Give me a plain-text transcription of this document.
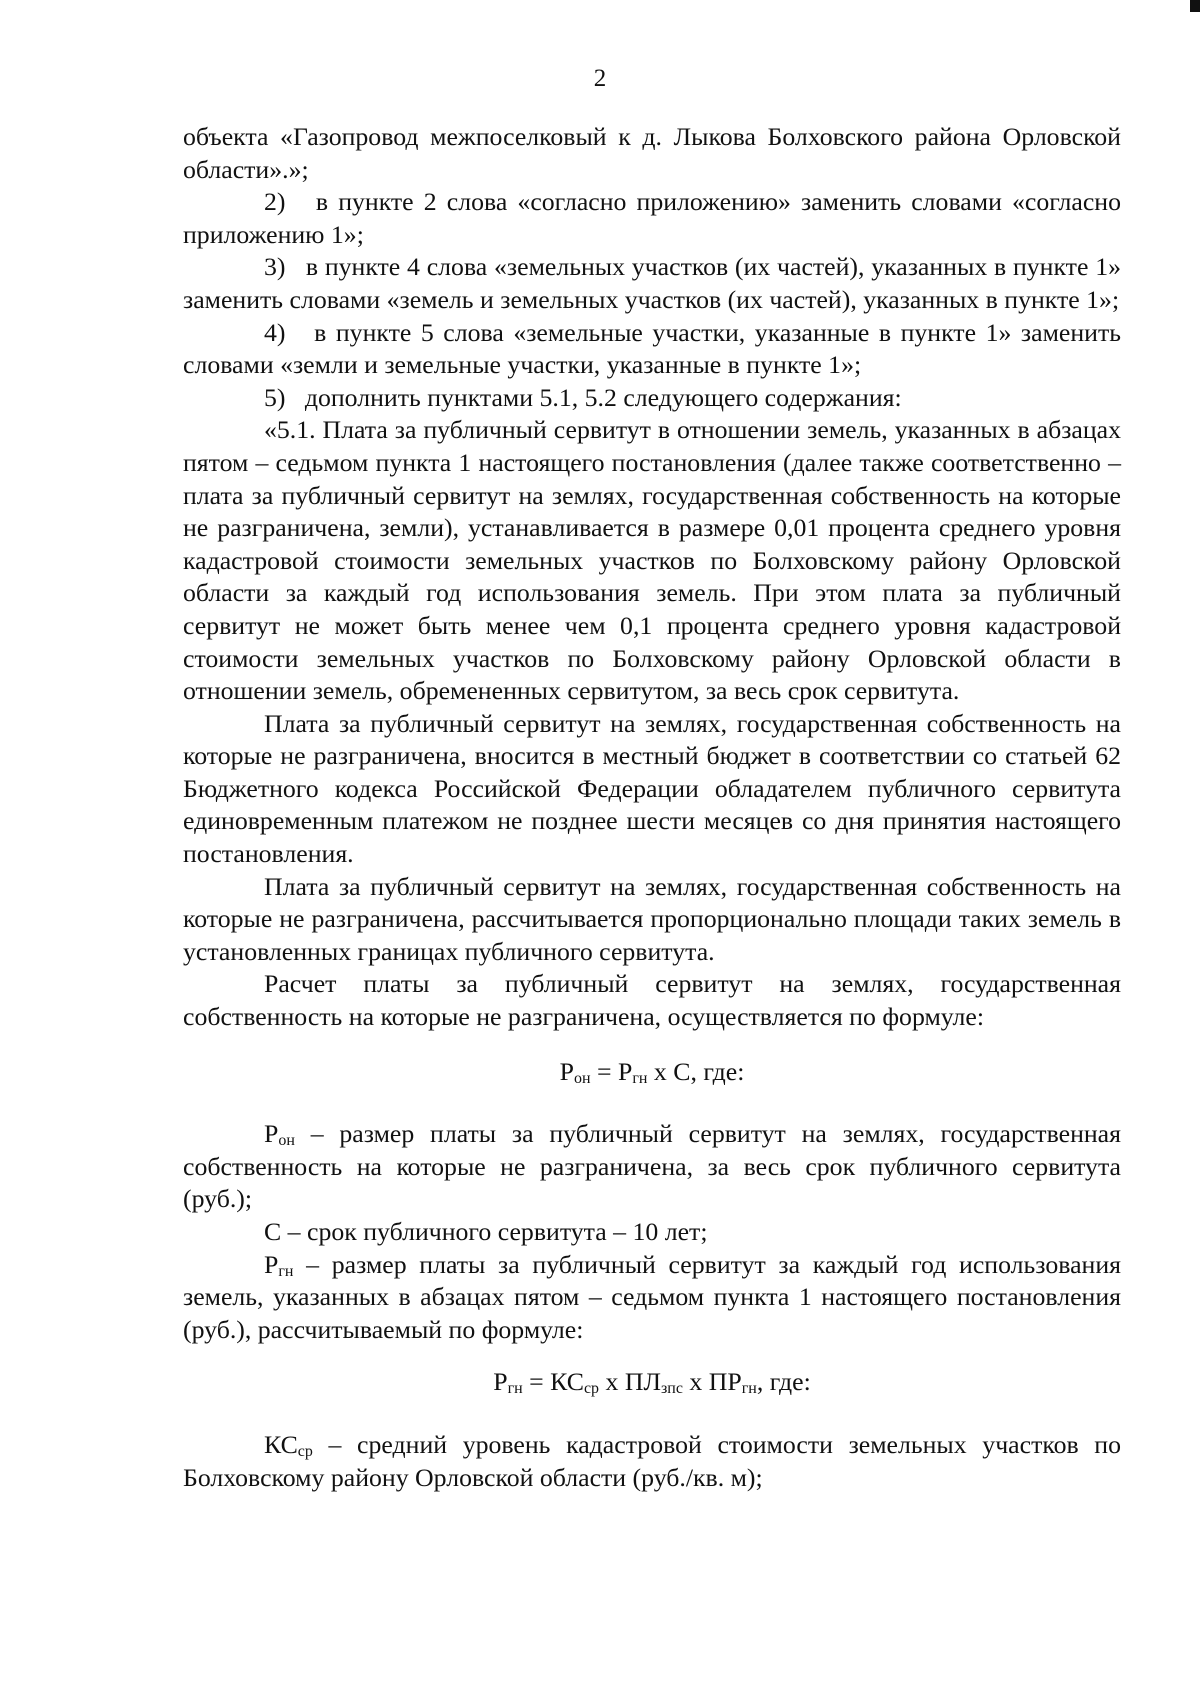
2

объекта «Газопровод межпоселковый к д. Лыкова Болховского района Орловской области».»;

2)   в пункте 2 слова «согласно приложению» заменить словами «согласно приложению 1»;

3)   в пункте 4 слова «земельных участков (их частей), указанных в пункте 1» заменить словами «земель и земельных участков (их частей), указанных в пункте 1»;

4)   в пункте 5 слова «земельные участки, указанные в пункте 1» заменить словами «земли и земельные участки, указанные в пункте 1»;

5)   дополнить пунктами 5.1, 5.2 следующего содержания:

«5.1. Плата за публичный сервитут в отношении земель, указанных в абзацах пятом – седьмом пункта 1 настоящего постановления (далее также соответственно – плата за публичный сервитут на землях, государственная собственность на которые не разграничена, земли), устанавливается в размере 0,01 процента среднего уровня кадастровой стоимости земельных участков по Болховскому району Орловской области за каждый год использования земель. При этом плата за публичный сервитут не может быть менее чем 0,1 процента среднего уровня кадастровой стоимости земельных участков по Болховскому району Орловской области в отношении земель, обремененных сервитутом, за весь срок сервитута.

Плата за публичный сервитут на землях, государственная собственность на которые не разграничена, вносится в местный бюджет в соответствии со статьей 62 Бюджетного кодекса Российской Федерации обладателем публичного сервитута единовременным платежом не позднее шести месяцев со дня принятия настоящего постановления.

Плата за публичный сервитут на землях, государственная собственность на которые не разграничена, рассчитывается пропорционально площади таких земель в установленных границах публичного сервитута.

Расчет платы за публичный сервитут на землях, государственная собственность на которые не разграничена, осуществляется по формуле:

$Р_{он} = Р_{гн}$ х С, где:

$Р_{он}$ – размер платы за публичный сервитут на землях, государственная собственность на которые не разграничена, за весь срок публичного сервитута (руб.);

С – срок публичного сервитута – 10 лет;

$Р_{гн}$ – размер платы за публичный сервитут за каждый год использования земель, указанных в абзацах пятом – седьмом пункта 1 настоящего постановления (руб.), рассчитываемый по формуле:

$Р_{гн} = КС_{ср}$ х $ПЛ_{зпс}$ х $ПР_{гн}$, где:

$КС_{ср}$ – средний уровень кадастровой стоимости земельных участков по Болховскому району Орловской области (руб./кв. м);
